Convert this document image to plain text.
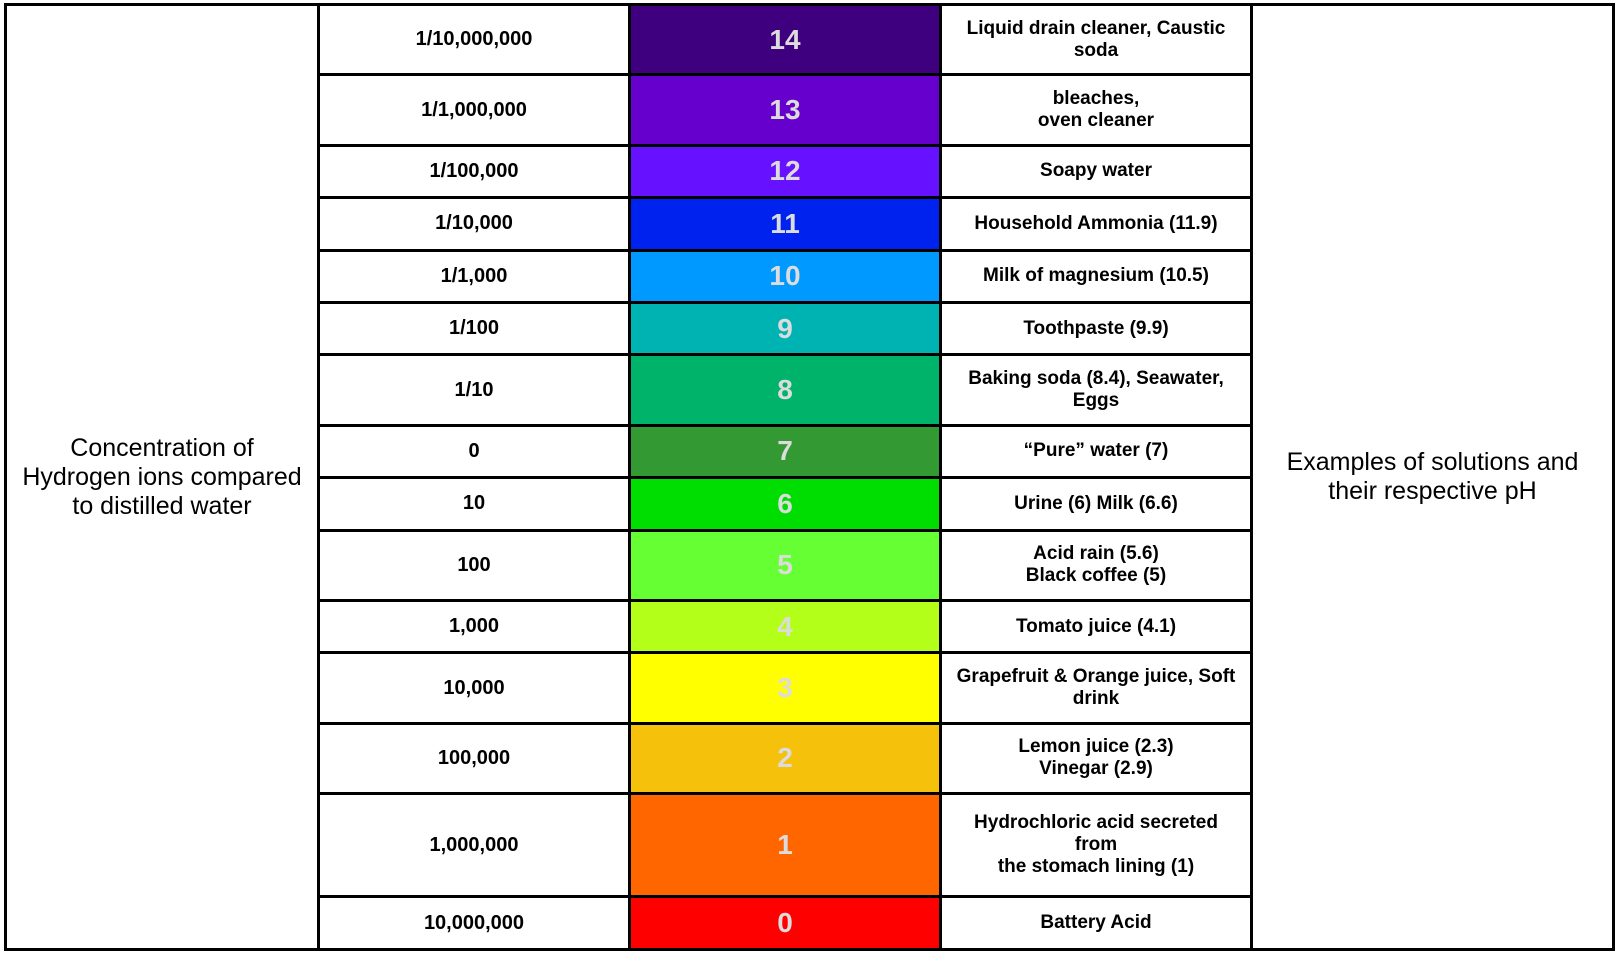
Concentration of Hydrogen ions compared to distilled water	1/10,000,000	14	Liquid drain cleaner, Caustic
soda	Examples of solutions and their respective pH
	1/1,000,000	13	bleaches,
oven cleaner	

	1/100,000	12	Soapy water	

	1/10,000	11	Household Ammonia (11.9)	

	1/1,000	10	Milk of magnesium (10.5)	

	1/100	9	Toothpaste (9.9)	

	1/10	8	Baking soda (8.4), Seawater,
Eggs	

	0	7	“Pure” water (7)	

	10	6	Urine (6) Milk (6.6)	

	100	5	Acid rain (5.6)
Black coffee (5)	

	1,000	4	Tomato juice (4.1)	

	10,000	3	Grapefruit & Orange juice, Soft
drink	

	100,000	2	Lemon juice (2.3)
Vinegar (2.9)	

	1,000,000	1	Hydrochloric acid secreted from
the stomach lining (1)	

	10,000,000	0	Battery Acid	
